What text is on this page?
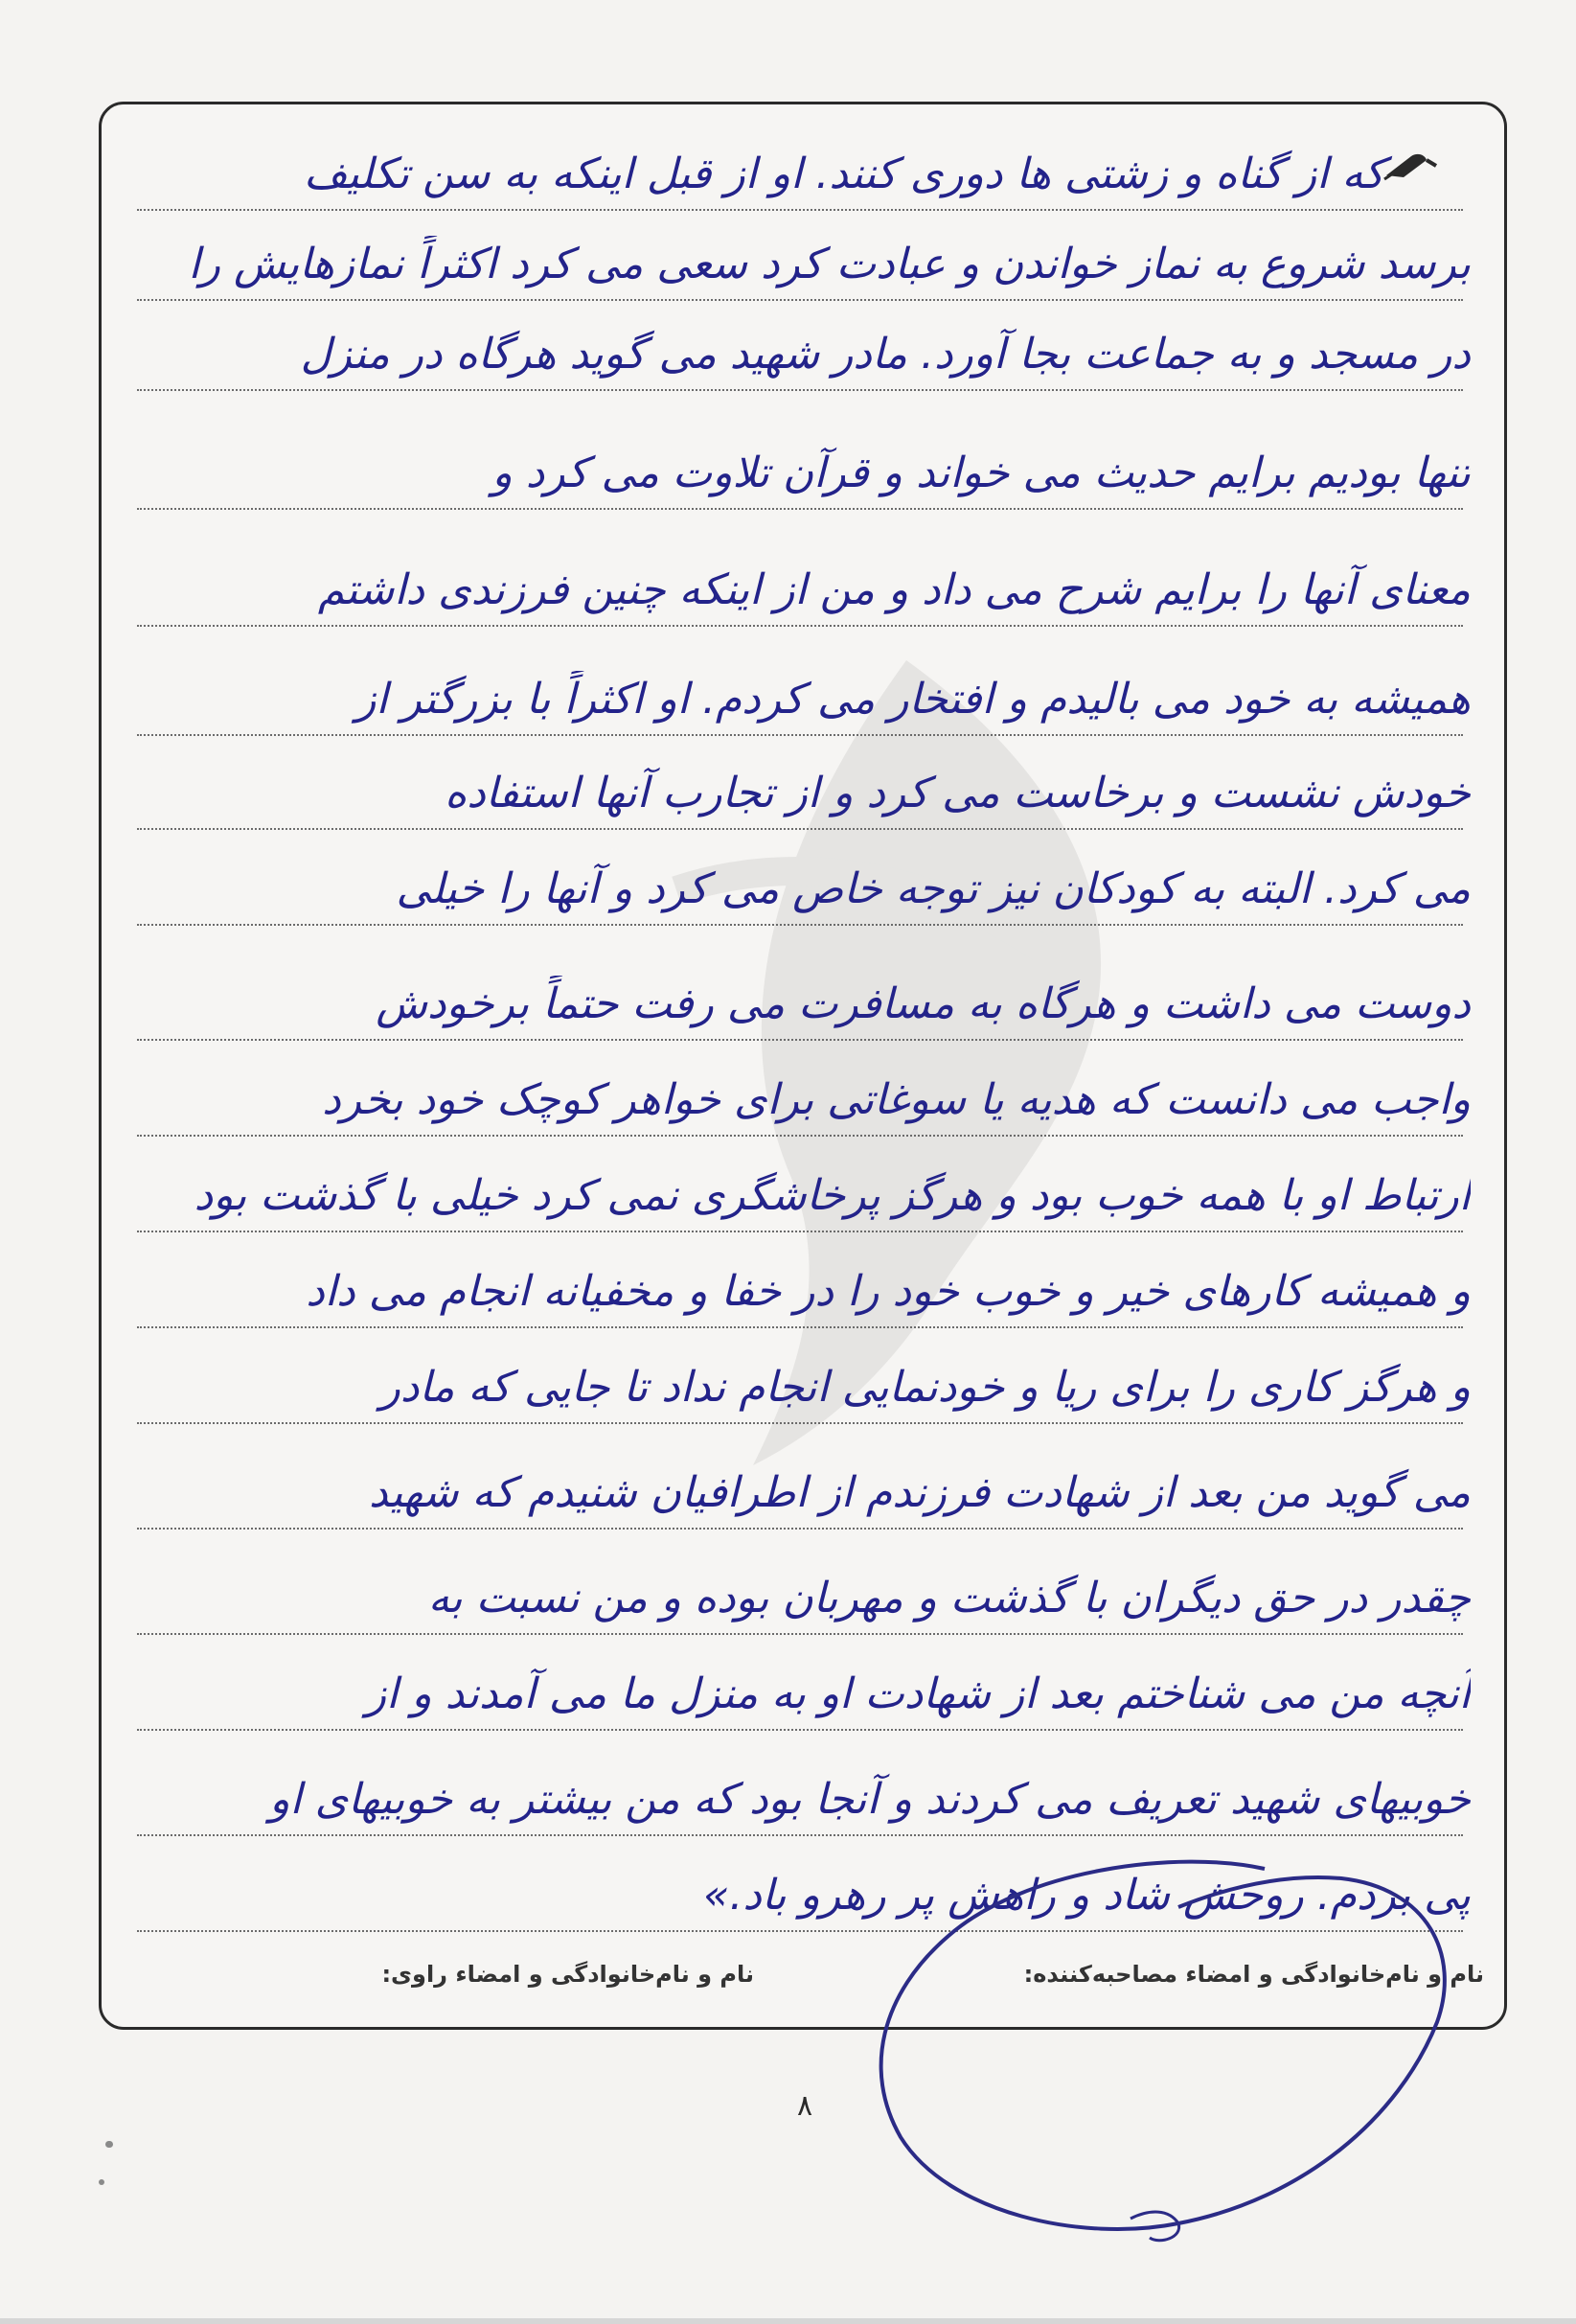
که از گناه و زشتی ها دوری کنند. او از قبل اینکه به سن تکلیف
برسد شروع به نماز خواندن و عبادت کرد سعی می کرد اکثراً نمازهایش را
در مسجد و به جماعت بجا آورد. مادر شهید می گوید هرگاه در منزل
تنها بودیم برایم حدیث می خواند و قرآن تلاوت می کرد و
معنای آنها را برایم شرح می داد و من از اینکه چنین فرزندی داشتم
همیشه به خود می بالیدم و افتخار می کردم. او اکثراً با بزرگتر از
خودش نشست و برخاست می کرد و از تجارب آنها استفاده
می کرد. البته به کودکان نیز توجه خاص می کرد و آنها را خیلی
دوست می داشت و هرگاه به مسافرت می رفت حتماً برخودش
واجب می دانست که هدیه یا سوغاتی برای خواهر کوچک خود بخرد
ارتباط او با همه خوب بود و هرگز پرخاشگری نمی کرد خیلی با گذشت بود
و همیشه کارهای خیر و خوب خود را در خفا و مخفیانه انجام می داد
و هرگز کاری را برای ریا و خودنمایی انجام نداد تا جایی که مادر
می گوید من بعد از شهادت فرزندم از اطرافیان شنیدم که شهید
چقدر در حق دیگران با گذشت و مهربان بوده و من نسبت به
آنچه من می شناختم بعد از شهادت او به منزل ما می آمدند و از
خوبیهای شهید تعریف می کردند و آنجا بود که من بیشتر به خوبیهای او
پی بردم. روحش شاد و راهش پر رهرو باد.»
نام و نام‌خانوادگی و امضاء مصاحبه‌کننده:
نام و نام‌خانوادگی و امضاء راوی:
۸
